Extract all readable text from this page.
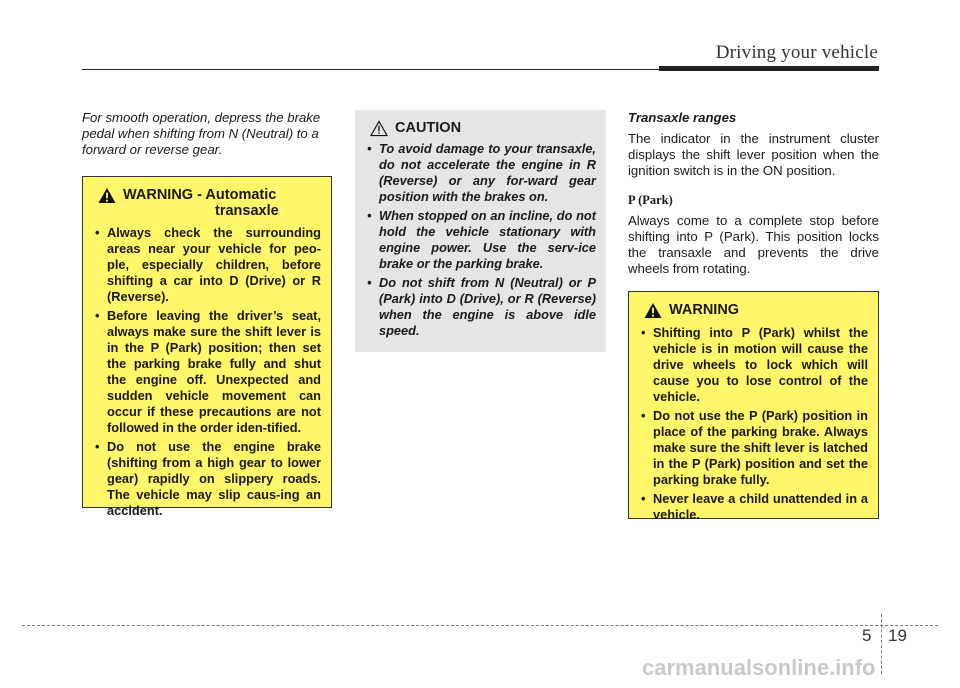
Driving your vehicle

For smooth operation, depress the brake pedal when shifting from N (Neutral) to a forward or reverse gear.

WARNING - Automatic
transaxle
• Always check the surrounding areas near your vehicle for peo-ple, especially children, before shifting a car into D (Drive) or R (Reverse).
• Before leaving the driver’s seat, always make sure the shift lever is in the P (Park) position; then set the parking brake fully and shut the engine off. Unexpected and sudden vehicle movement can occur if these precautions are not followed in the order iden-tified.
• Do not use the engine brake (shifting from a high gear to lower gear) rapidly on slippery roads. The vehicle may slip caus-ing an accident.
CAUTION
• To avoid damage to your transaxle, do not accelerate the engine in R (Reverse) or any for-ward gear position with the brakes on.
• When stopped on an incline, do not hold the vehicle stationary with engine power. Use the serv-ice brake or the parking brake.
• Do not shift from N (Neutral) or P (Park) into D (Drive), or R (Reverse) when the engine is above idle speed.

Transaxle ranges

The indicator in the instrument cluster displays the shift lever position when the ignition switch is in the ON position.

P (Park)

Always come to a complete stop before shifting into P (Park). This position locks the transaxle and prevents the drive wheels from rotating.

WARNING
• Shifting into P (Park) whilst the vehicle is in motion will cause the drive wheels to lock which will cause you to lose control of the vehicle.
• Do not use the P (Park) position in place of the parking brake. Always make sure the shift lever is latched in the P (Park) position and set the parking brake fully.
• Never leave a child unattended in a vehicle.
5 19
carmanualsonline.info
